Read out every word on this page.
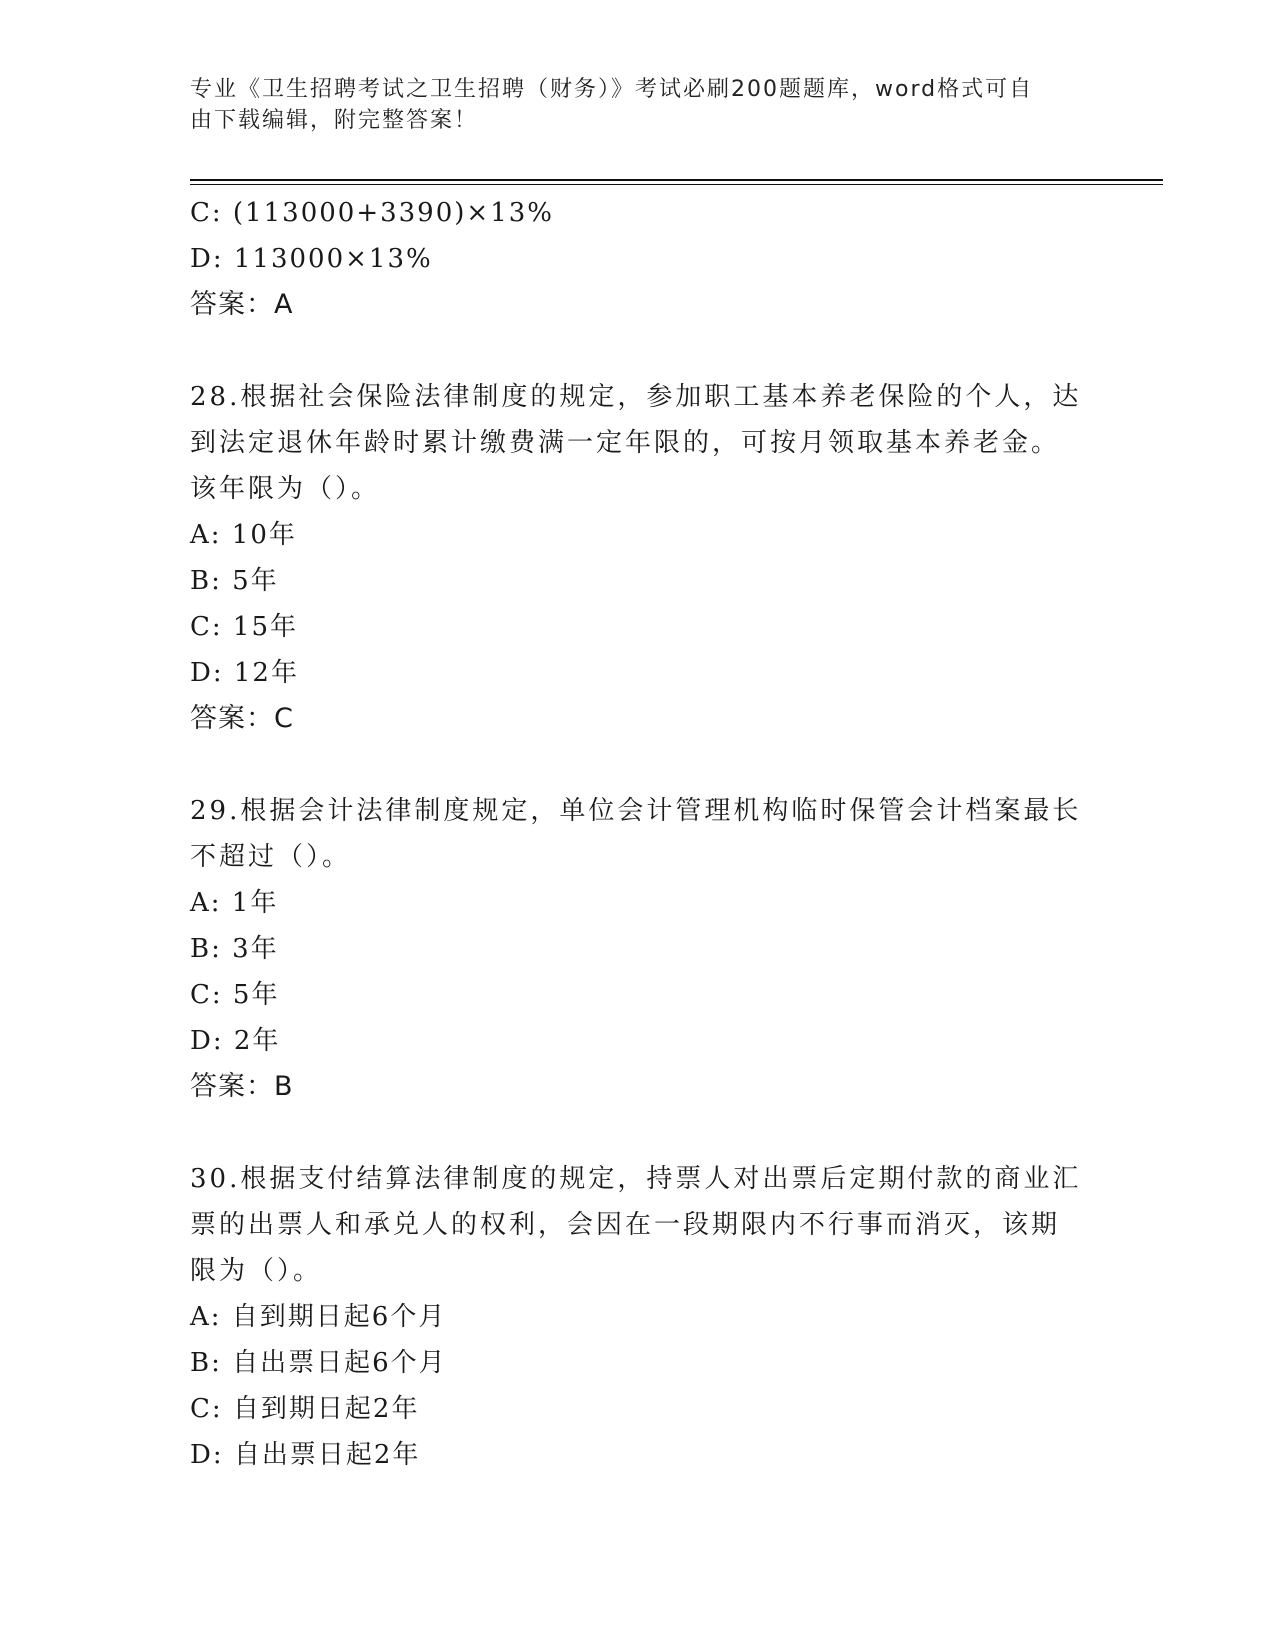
专业《卫生招聘考试之卫生招聘（财务）》考试必刷200题题库，word格式可自
由下载编辑，附完整答案！
C: (113000+3390)×13%
D: 113000×13%
答案：A
28.根据社会保险法律制度的规定，参加职工基本养老保险的个人，达
到法定退休年龄时累计缴费满一定年限的，可按月领取基本养老金。
该年限为（）。
A: 10年
B: 5年
C: 15年
D: 12年
答案：C
29.根据会计法律制度规定，单位会计管理机构临时保管会计档案最长
不超过（）。
A: 1年
B: 3年
C: 5年
D: 2年
答案：B
30.根据支付结算法律制度的规定，持票人对出票后定期付款的商业汇
票的出票人和承兑人的权利，会因在一段期限内不行事而消灭，该期
限为（）。
A: 自到期日起6个月
B: 自出票日起6个月
C: 自到期日起2年
D: 自出票日起2年
